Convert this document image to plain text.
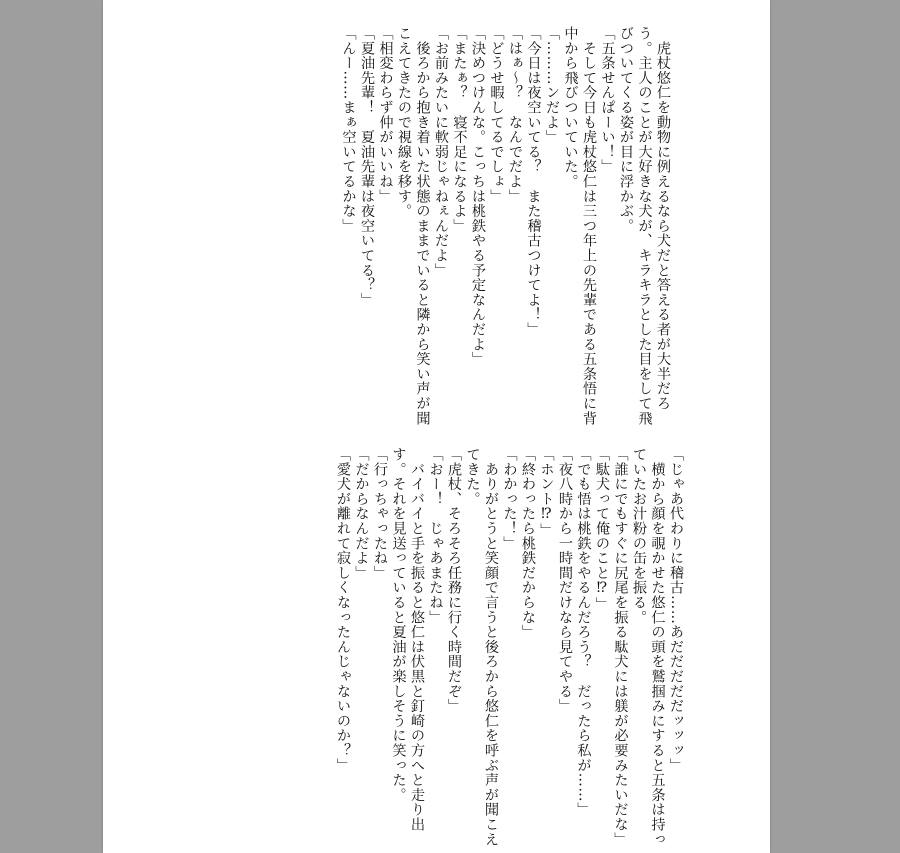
　虎杖悠仁を動物に例えるなら犬だと答える者が大半だろ
う。主人のことが大好きな犬が、キラキラとした目をして飛
びついてくる姿が目に浮かぶ。
「五条せんぱーい！」
　そして今日も虎杖悠仁は三つ年上の先輩である五条悟に背
中から飛びついていた。
「………ンだよ」
「今日は夜空いてる？　また稽古つけてよ！」
「はぁ～？　なんでだよ」
「どうせ暇してるでしょ」
「決めつけんな。こっちは桃鉄やる予定なんだよ」
「またぁ？　寝不足になるよ」
「お前みたいに軟弱じゃねぇんだよ」
　後ろから抱き着いた状態のままでいると隣から笑い声が聞
こえてきたので視線を移す。
「相変わらず仲がいいね」
「夏油先輩！　夏油先輩は夜空いてる？」
「んー……まぁ空いてるかな」
「じゃあ代わりに稽古……あだだだだだッッッ」
　横から顔を覗かせた悠仁の頭を鷲掴みにすると五条は持っ
ていたお汁粉の缶を振る。
「誰にでもすぐに尻尾を振る駄犬には躾が必要みたいだな」
「駄犬って俺のこと⁉」
「でも悟は桃鉄をやるんだろう？　だったら私が……」
「夜八時から一時間だけなら見てやる」
「ホント⁉」
「終わったら桃鉄だからな」
「わかった！」
　ありがとうと笑顔で言うと後ろから悠仁を呼ぶ声が聞こえ
てきた。
「虎杖、そろそろ任務に行く時間だぞ」
「おー！　じゃあまたね」
　バイバイと手を振ると悠仁は伏黒と釘崎の方へと走り出
す。それを見送っていると夏油が楽しそうに笑った。
「行っちゃったね」
「だからなんだよ」
「愛犬が離れて寂しくなったんじゃないのか？」
